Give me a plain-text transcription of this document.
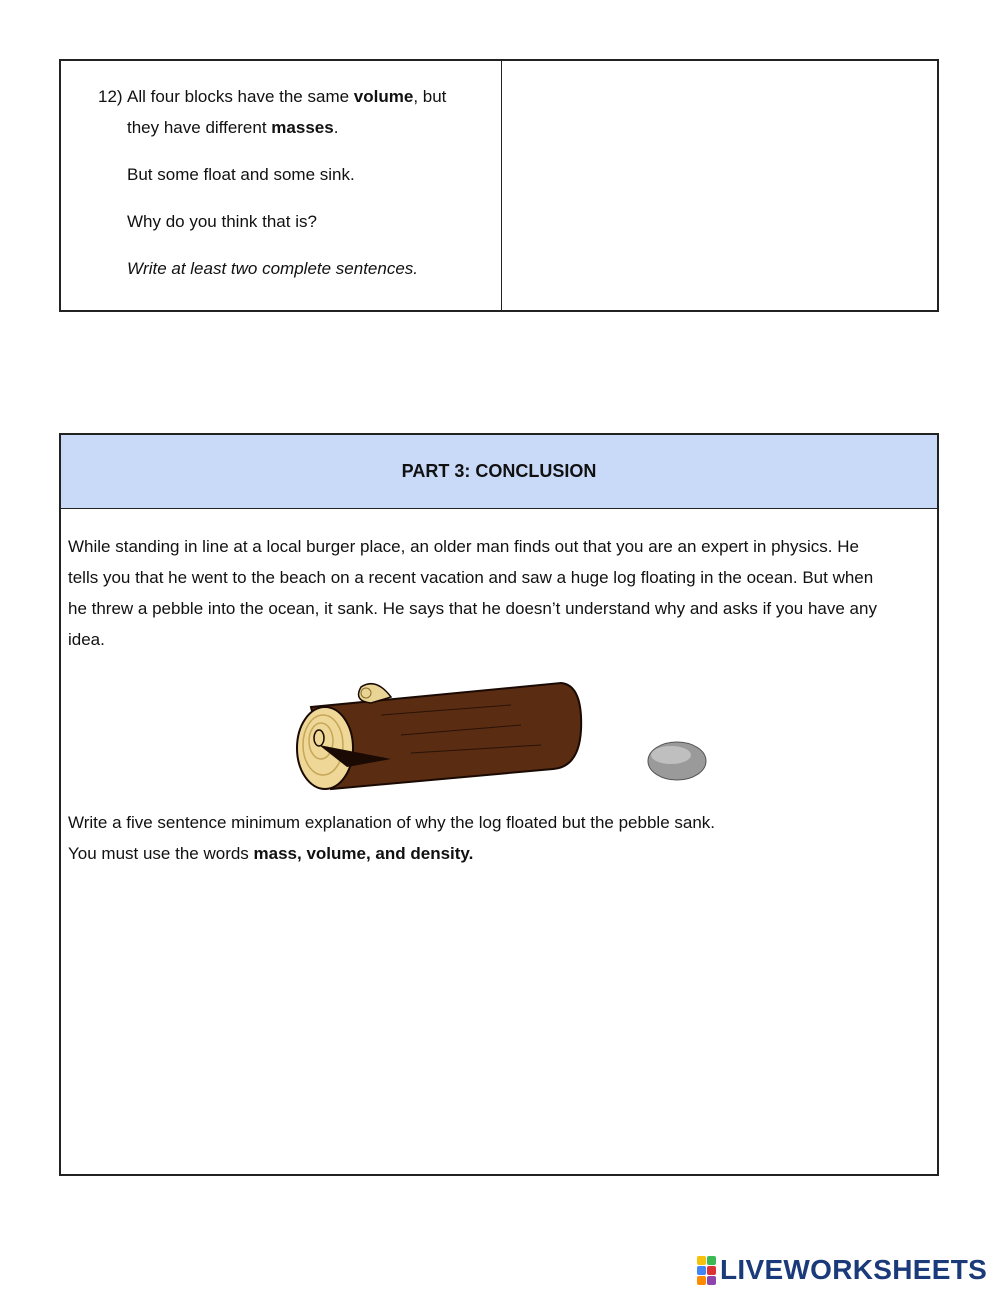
12) All four blocks have the same volume, but
they have different masses.
But some float and some sink.
Why do you think that is?
Write at least two complete sentences.
PART 3: CONCLUSION
While standing in line at a local burger place, an older man finds out that you are an expert in physics. He
tells you that he went to the beach on a recent vacation and saw a huge log floating in the ocean. But when
he threw a pebble into the ocean, it sank. He says that he doesn’t understand why and asks if you have any
idea.
Write a five sentence minimum explanation of why the log floated but the pebble sank.
You must use the words mass, volume, and density.
LIVEWORKSHEETS
